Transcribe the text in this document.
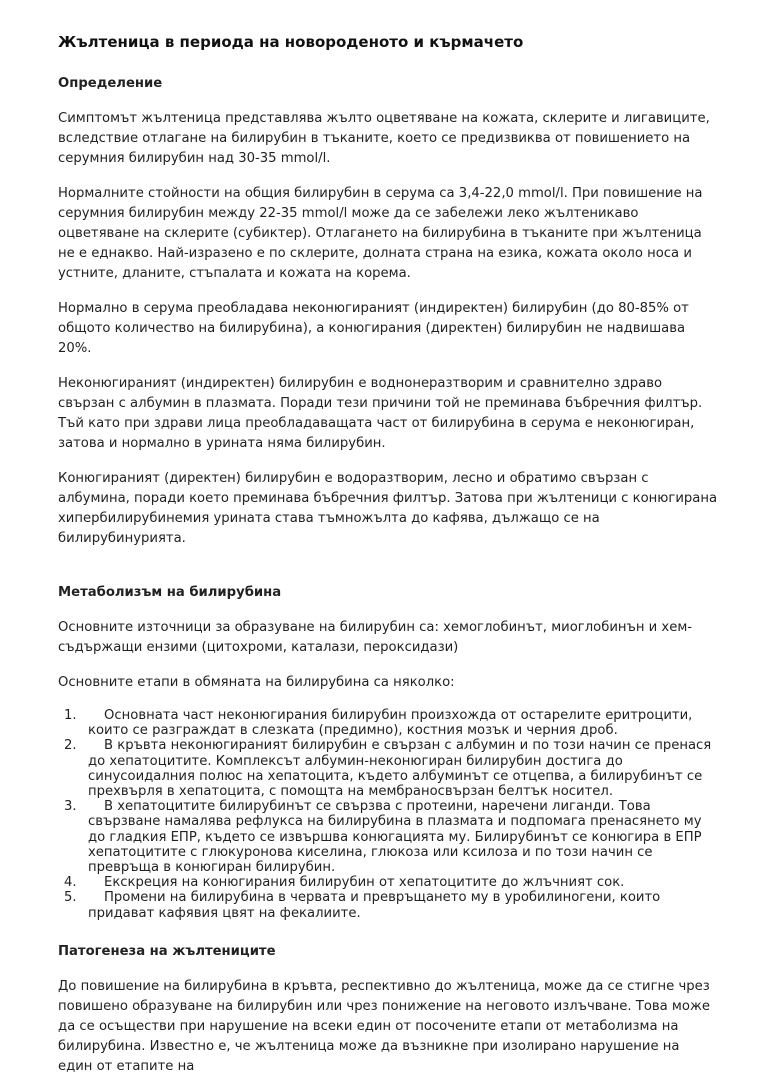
Жълтеница в периода на новороденото и кърмачето
Определение

Симптомът жълтеница представлява жълто оцветяване на кожата, склерите и лигавиците, вследствие отлагане на билирубин в тъканите, което се предизвиква от повишението на серумния билирубин над 30-35 mmol/l.

Нормалните стойности на общия билирубин в серума са 3,4-22,0 mmol/l. При повишение на серумния билирубин между 22-35 mmol/l може да се забележи леко жълтеникаво оцветяване на склерите (субиктер). Отлагането на билирубина в тъканите при жълтеница не е еднакво. Най-изразено е по склерите, долната страна на езика, кожата около носа и устните, дланите, стъпалата и кожата на корема.

Нормално в серума преобладава неконюгираният (индиректен) билирубин (до 80-85% от общото количество на билирубина), а конюгирания (директен) билирубин не надвишава 20%.

Неконюгираният (индиректен) билирубин е воднонеразтворим и сравнително здраво свързан с албумин в плазмата. Поради тези причини той не преминава бъбречния филтър. Тъй като при здрави лица преобладаващата част от билирубина в серума е неконюгиран, затова и нормално в урината няма билирубин.

Конюгираният (директен) билирубин е водоразтворим, лесно и обратимо свързан с албумина, поради което преминава бъбречния филтър. Затова при жълтеници с конюгирана хипербилирубинемия урината става тъмножълта до кафява, дължащо се на билирубинурията.

Метаболизъм на билирубина

Основните източници за образуване на билирубин са: хемоглобинът, миоглобинън и хем-съдържащи ензими (цитохроми, каталази, пероксидази)

Основните етапи в обмяната на билирубина са няколко:

1.	Основната част неконюгирания билирубин произхожда от остарелите еритроцити, които се разграждат в слезката (предимно), костния мозък и черния дроб.
2.	В кръвта неконюгираният билирубин е свързан с албумин и по този начин се пренася до хепатоцитите. Комплексът албумин-неконюгиран билирубин достига до синусоидалния полюс на хепатоцита, където албуминът се отцепва, а билирубинът се прехвърля в хепатоцита, с помощта на мембраносвързан белтък носител.
3.	В хепатоцитите билирубинът се свързва с протеини, наречени лиганди. Това свързване намалява рефлукса на билирубина в плазмата и подпомага пренасянето му до гладкия ЕПР, където се извършва конюгацията му. Билирубинът се конюгира в ЕПР хепатоцитите с глюкуронова киселина, глюкоза или ксилоза и по този начин се превръща в конюгиран билирубин.
4.	Екскреция на конюгирания билирубин от хепатоцитите до жлъчният сок.
5.	Промени на билирубина в червата и превръщането му в уробилиногени, които придават кафявия цвят на фекалиите.
Патогенеза на жълтениците

До повишение на билирубина в кръвта, респективно до жълтеница, може да се стигне чрез повишено образуване на билирубин или чрез понижение на неговото излъчване. Това може да се осъществи при нарушение на всеки един от посочените етапи от метаболизма на билирубина. Известно е, че жълтеница може да възникне при изолирано нарушение на един от етапите на
